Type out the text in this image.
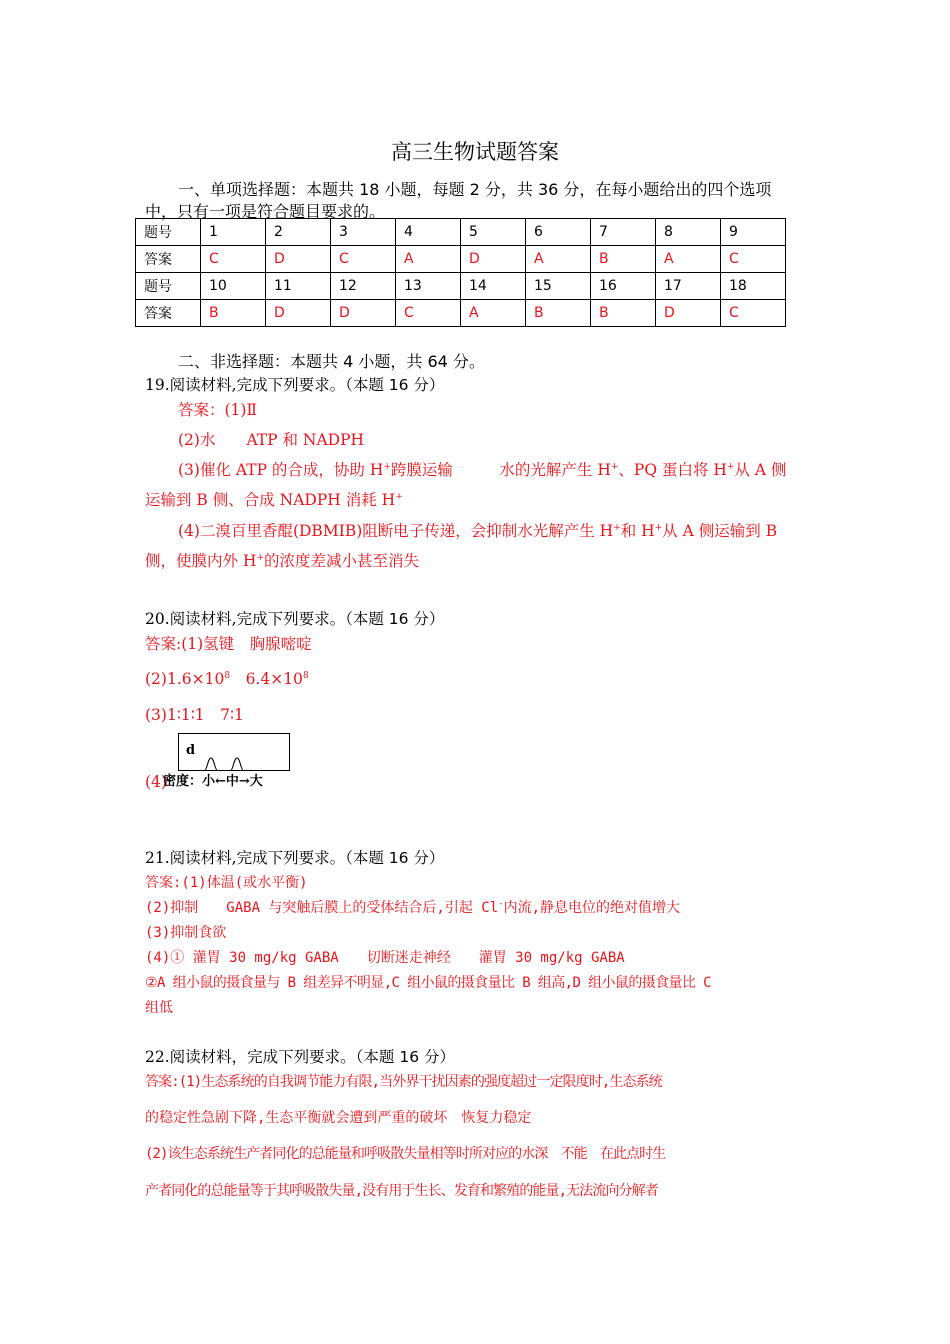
高三生物试题答案
一、单项选择题：本题共 18 小题，每题 2 分，共 36 分，在每小题给出的四个选项
中，只有一项是符合题目要求的。
题号	1	2	3	4	5	6	7	8	9
答案	C	D	C	A	D	A	B	A	C
题号	10	11	12	13	14	15	16	17	18
答案	B	D	D	C	A	B	B	D	C
二、非选择题：本题共 4 小题，共 64 分。
19.阅读材料,完成下列要求。（本题 16 分）
答案：(1)Ⅱ
(2)水　　ATP 和 NADPH
(3)催化 ATP 的合成，协助 H+跨膜运输　　　水的光解产生 H+、PQ 蛋白将 H+从 A 侧
运输到 B 侧、合成 NADPH 消耗 H+
(4)二溴百里香醌(DBMIB)阻断电子传递，会抑制水光解产生 H+和 H+从 A 侧运输到 B
侧，使膜内外 H+的浓度差减小甚至消失
20.阅读材料,完成下列要求。（本题 16 分）
答案:(1)氢键　胸腺嘧啶
$(2)1.6\times 10^8$　$6.4\times 10^8$
(3)1∶1∶1　7∶1
(4)
d
密度：小←中→大
21.阅读材料,完成下列要求。（本题 16 分）
答案:(1)体温(或水平衡)
(2)抑制　　GABA 与突触后膜上的受体结合后,引起 Cl-内流,静息电位的绝对值增大
(3)抑制食欲
(4)① 灌胃 30 mg/kg GABA　　切断迷走神经　　灌胃 30 mg/kg GABA
②A 组小鼠的摄食量与 B 组差异不明显,C 组小鼠的摄食量比 B 组高,D 组小鼠的摄食量比 C
组低
22.阅读材料，完成下列要求。（本题 16 分）
答案:(1)生态系统的自我调节能力有限,当外界干扰因素的强度超过一定限度时,生态系统
的稳定性急剧下降,生态平衡就会遭到严重的破坏　恢复力稳定
(2)该生态系统生产者同化的总能量和呼吸散失量相等时所对应的水深　不能　在此点时生
产者同化的总能量等于其呼吸散失量,没有用于生长、发育和繁殖的能量,无法流向分解者
